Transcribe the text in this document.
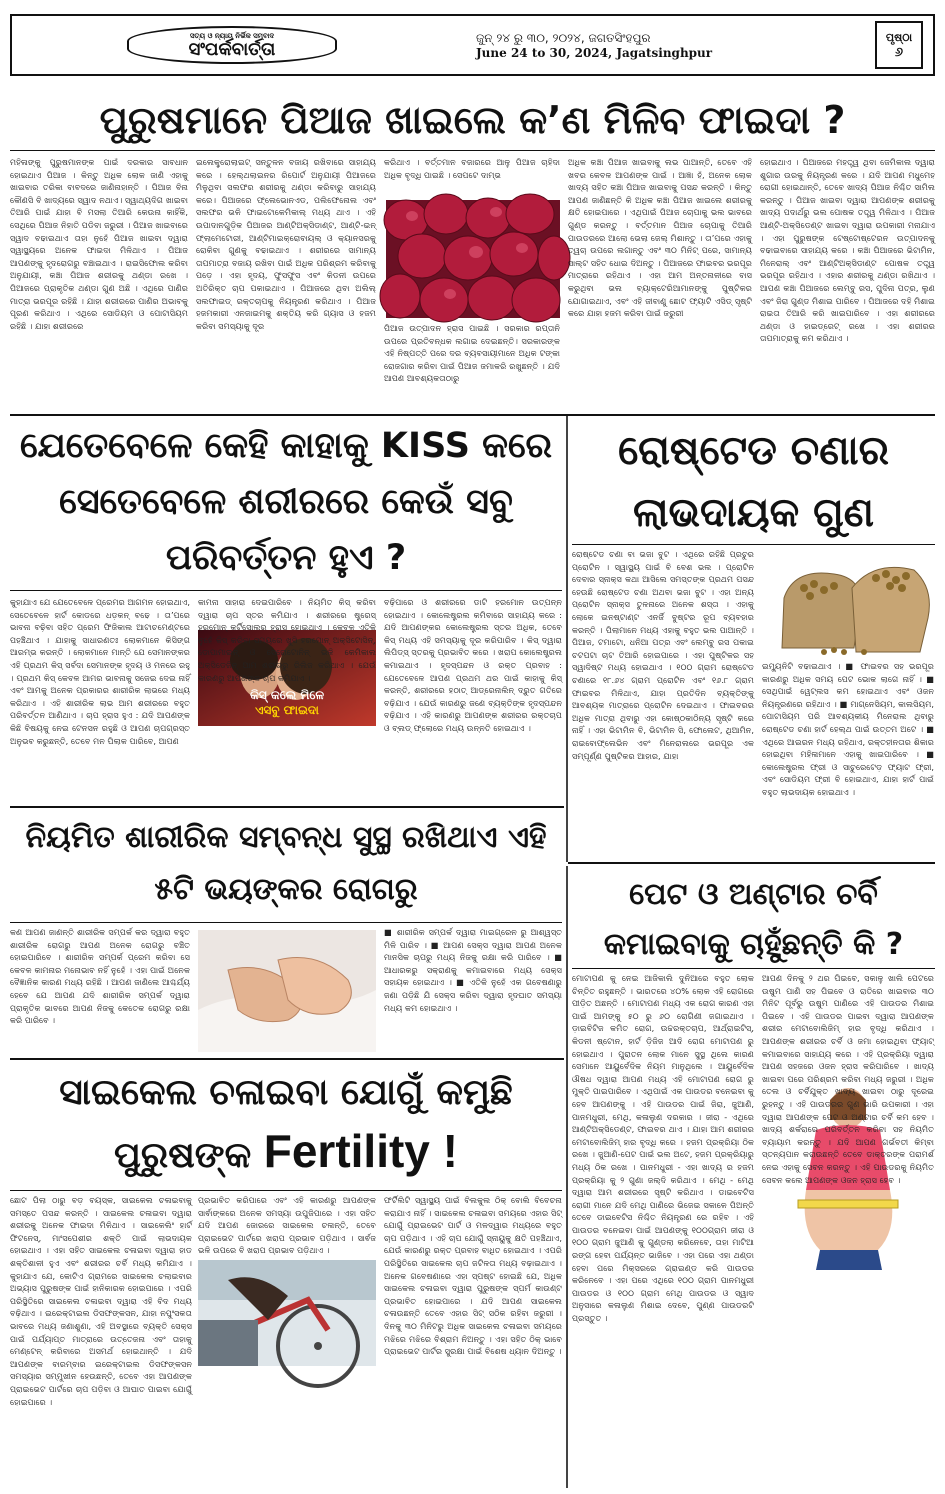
ସତ୍ୟ ଓ ନ୍ୟାୟ ନିର୍ଭିକ ସମ୍ବାଦ
ସଂପର୍କବାର୍ତ୍ତା
ଜୁନ୍ ୨୪ ରୁ ୩୦, ୨୦୨୪, ଜଗତସିଂହପୁର
June 24 to 30, 2024, Jagatsinghpur
ପୃଷ୍ଠା
୬
ପୁରୁଷମାନେ ପିଆଜ ଖାଇଲେ କ’ଣ ମିଳିବ ଫାଇଦା ?
ମହିଳାଙ୍କୁ ପୁରୁଷମାନଙ୍କ ପାଇଁ ଦରକାର ସାବଧାନ ହୋଇଥାଏ ପିଆଜ । କିନ୍ତୁ ଅଧିକ ଲୋକ ଜାଣି ଏହାକୁ ଖାଇବାର ତରିକା ବାବଦରେ ଜାଣିନାହାନ୍ତି । ପିଆଜ ବିନା କୌଣସି ବି ଖାଦ୍ୟରେ ସ୍ୱାଦ ନଥାଏ। ସ୍ୱାଥ୍ୟଦିଗ ଖାଇବା ତିଆରି ପାଇଁ ଯାହା ବି ମସଲା ତିଆରି କେଉନା କାହିଁକି, ସେଥିରେ ପିଆଜ ନିହାତି ପଡିବା ଜରୁରୀ । ପିଆଜ ଖାଇବାରେ ସ୍ୱାଦ ବଢାଇଥାଏ ତାହା ନୁହେଁ ପିଆଜ ଖାଇବା ଦ୍ୱାରା ସ୍ୱାସ୍ଥ୍ୟରେ ଅନେକ ଫାଇଦା ମିଳିଥାଏ । ପିଆଜ ଆପଣଙ୍କୁ ହୃଦରୋଗରୁ ବଞ୍ଚାଇଥାଏ । ରାଇସିଫୋଲ କରିବା ଅନୁଯାୟୀ, କଞ୍ଚା ପିଆଜ ଶରୀରକୁ ଥଣ୍ଡା ରଖେ । ପିଆଜରେ ପ୍ରାକୃତିକ ଥଣ୍ଡା ଗୁଣ ଅଛି । ଏଥିରେ ପାଣିର ମାତ୍ରା ଭରପୂର ରହିଛି । ଯାହା ଶରୀରରେ ପାଣିର ଅଭାବକୁ ପୂରଣ କରିଥାଏ । ଏଥିରେ ସୋଡିୟମ ଓ ପୋଟାସିୟମ ରହିଛି । ଯାହା ଶରୀରରେ
ଇଲେକ୍ଟ୍ରୋଲାଇଟ୍ ସନ୍ତୁଳନ ବଜାୟ ରଖିବାରେ ସାହାଯ୍ୟ କରେ । ହେଲ୍ଥଲାଇନର ରିପୋର୍ଟ ଅନୁଯାୟୀ ପିଆଜରେ ମିଳୁଥିବା ସଲଫର ଶରୀରକୁ ଥଣ୍ଡା କରିବାରୁ ସାହାଯ୍ୟ କରେ। ପିଆଜରେ ଫ୍ଲେଭୋନଏଡ, ପଲିଫେନୋଲ ଏବଂ ସଲଫର ଭଳି ଫାଇଟୋକେମିକାଲ୍ ମଧ୍ୟ ଥାଏ । ଏହି ଉପାଦାନଗୁଡ଼ିକ ପିଆଜର ଆଣ୍ଟିଅକ୍ସିଡାଣ୍ଟ, ଆଣ୍ଟି-ଇନ୍ ଫ୍ଲାମେଟୋରୀ, ଆଣ୍ଟିମାଇକ୍ରୋବାୟଲ୍ ଓ କ୍ୟାନସରକୁ ରୋକିବା ଗୁଣକୁ ବଢାଇଥାଏ । ଶରୀରରେ ସାମାନ୍ୟ ତାପମାତ୍ରା ବଜାୟ ରଖିବା ପାଇଁ ଅଧିକ ପରିଶ୍ରମ କରିବାକୁ ପଡ଼େ । ଏହା ହୃଦୟ, ଫୁସଫୁସ ଏବଂ କିଡନୀ ଉପରେ ଅତିରିକ୍ତ ଚାପ ପକାଇଥାଏ । ପିଆଜରେ ଥିବା ଅଲିଲ୍ ସଲଫାଇଡ୍ ରକ୍ତଚାପକୁ ନିୟନ୍ତ୍ରଣ କରିଥାଏ । ପିଆଜ ହଜମକାରୀ ଏନଜାଇମକୁ ଶକ୍ତିୟ କରି ଗ୍ୟାସ ଓ ହଜମ କରିବା ସମସ୍ୟାକୁ ଦୂର
କରିଥାଏ । ବର୍ତ୍ତମାନ ବଜାରରେ ଆଳୁ ପିଆଜ ଚାହିଦା ଅଧିକ ବୃଦ୍ଧି ପାଇଛି । ସେପଟେ ଦାମ୍ଭ
ପିଆଜ ଉତ୍ପାଦନ ହ୍ରାସ ପାଇଛି । ସରକାର ରପ୍ତାନି ଉପରେ ପ୍ରତିବନ୍ଧକ ଲଗାଇ ଦେଇଛନ୍ତି। ସରକାରଙ୍କ ଏହି ନିଷ୍ପତ୍ତି ପରେ ଦର ବ୍ୟବସାୟୀମାନେ ଅଧିକ ଟଙ୍କା ରୋଜଗାର କରିବା ପାଇଁ ପିଆଜ ଜମାକରି ରଖୁଛନ୍ତି । ଯଦି ଆପଣ ଆବଶ୍ୟକତାଠାରୁ
ଅଧିକ କଞ୍ଚା ପିଆଜ ଖାଇବାକୁ ଲଭ ପାଆନ୍ତି, ତେବେ ଏହି ଖବର କେବଳ ଆପଣଙ୍କ ପାଇଁ । ଆଜ୍ଞା ହଁ, ଅନେକ ଲୋକ ଖାଦ୍ୟ ସହିତ କଞ୍ଚା ପିଆଜ ଖାଇବାକୁ ପସନ୍ଦ କରନ୍ତି । କିନ୍ତୁ ଆପଣ ଜାଣିଛନ୍ତି କି ଅଧିକ କଞ୍ଚା ପିଆଜ ଖାଇଲେ ଶରୀରକୁ କ୍ଷତି ହୋଇପାରେ । ଏଥିପାଇଁ ପିଆଜ ଚୋପାକୁ ଭଲ ଭାବରେ ଗୁଣ୍ଡ କରନ୍ତୁ । ବର୍ତ୍ତମାନ ପିଆଜ ଚୋପାକୁ ତିଆରି ପାଉଡରରେ ଆଲୋ ଭେଲା ଜେଲ୍ ମିଶାନ୍ତୁ । ତା’ପରେ ଏହାକୁ ତ୍ୱଚା ଉପରେ ଲଗାନ୍ତୁ ଏବଂ ୩୦ ମିନିଟ୍ ପରେ, ସାମାନ୍ୟ ସାଲ୍ଟ ସହିତ ଧୋଇ ଦିଅନ୍ତୁ । ପିଆଜରେ ଫାଇବର ଭରପୂର ମାତ୍ରାରେ ରହିଥାଏ । ଏହା ଆମ ଅନ୍ତନାଳୀରେ ବାସ କରୁଥିବା ଭଲ ବ୍ୟାକ୍ଟେରିଆମାନଙ୍କୁ ପୁଷ୍ଟିକର ଯୋଗାଇଥାଏ, ଏବଂ ଏହି ଜୀବାଣୁ ଛୋଟ ଫ୍ୟାଟି ଏସିଡ୍ ସୃଷ୍ଟି କରେ ଯାହା ହଜମ କରିବା ପାଇଁ ଜରୁରୀ
ହୋଇଥାଏ । ପିଆଜରେ ମହତ୍ତ୍ୱ ଥିବା ଜେମିକାଲ ଦ୍ୱାରା ଶୁଗାର ଉରକୁ ନିୟନ୍ତ୍ରଣ କରେ । ଯଦି ଆପଣ ମଧୁମେହ ରୋଗୀ ହୋଇଥାନ୍ତି, ତେବେ ଖାଦ୍ୟ ପିଆଜ ନିଶ୍ଚିତ ସାମିଲ କରନ୍ତୁ । ପିଆଜ ଖାଇବା ଦ୍ୱାରା ଆପଣଙ୍କ ଶରୀରକୁ ଖାଦ୍ୟ ପଦାର୍ଥରୁ ଭଲ ପୋଷକ ତତ୍ତ୍ୱ ମିଳିଥାଏ । ପିଆଜ ଆଣ୍ଟି-ଅକ୍ସିଡେଣ୍ଟ ଖାଇବା ଦ୍ୱାରା ଉପକାରୀ ମନାଯାଏ । ଏହା ପୁରୁଷଙ୍କ ଟେଷ୍ଟୋଷ୍ଟେରନ ଉତ୍ପାଦନକୁ ବଢାଇବାରେ ସାହାଯ୍ୟ କରେ । କଞ୍ଚା ପିଆଜରେ ଭିଟାମିନ, ମିନେରାଲ୍ ଏବଂ ଆଣ୍ଟିଅକ୍ସିଡାଣ୍ଟ ପୋଷକ ତତ୍ତ୍ୱ ଭରପୂର ରହିଥାଏ । ଏହାର ଶରୀରକୁ ଥଣ୍ଡା ରଖିଥାଏ । ଆପଣ କଞ୍ଚା ପିଆଜରେ ଲେମ୍ବୁ ରସ, ପୁଦିନା ପତ୍ର, ଲୁଣ ଏବଂ ଜିରା ଗୁଣ୍ଡ ମିଶାଇ ପାରିବେ । ପିଆଜରେ ଦହି ମିଶାଇ ରାଇତା ତିଆରି କରି ଖାଇପାରିବେ । ଏହା ଶରୀରରେ ଥଣ୍ଡା ଓ ହାଇଡ୍ରେଟ୍ ରଖେ । ଏହା ଶରୀରର ତାପମାତ୍ରାକୁ କମ କରିଥାଏ ।
ଯେତେବେଳେ କେହି କାହାକୁ KISS କରେ ସେତେବେଳେ ଶରୀରରେ କେଉଁ ସବୁ ପରିବର୍ତ୍ତନ ହୁଏ ?
କୁହାଯାଏ ଯେ ଯେତେବେଳେ ପ୍ରେମର ଆଗମନ ହୋଇଥାଏ, ସେତେବେଳେ ହାର୍ଟ କୋଡରେ ଧଡ଼କନ୍ ବଢେ । ତା’ପରେ ଭାବନା ବଢ଼ିବା ସହିତ ପ୍ରେମ ଫିଜିକାଲ ଆଟାଚମେଣ୍ଟରେ ପହଞ୍ଚିଥାଏ । ଯାହାକୁ ସାଧାରଣତଃ ଲୋକମାନେ କିସିଙ୍ଗ ଆରମ୍ଭ କରନ୍ତି । ଲୋକମାନେ ମାନ୍ତି ଯେ ସେମାନଙ୍କର ଏହି ପ୍ରଥମ କିସ୍ ସର୍ବଦା ସେମାନଙ୍କ ହୃଦୟ ଓ ମନରେ ରହୁ । ପ୍ରଥମ କିସ୍ କେବଳ ଆମର ଭାବନାକୁ ସଜେଇ ଦେଇ ନାହିଁ ଏବଂ ଆମକୁ ଅନେକ ପ୍ରକାରର ଶାରୀରିକ ଲାଭରେ ମଧ୍ୟ କରିଥାଏ । ଏହି ଶାରୀରିକ ଲାଭ ଆମ ଶରୀରରେ ବହୁତ ପରିବର୍ତ୍ତନ ଆଣିଥାଏ । ଚାପ ହ୍ରାସ ହୁଏ : ଯଦି ଆପଣଙ୍କ କିଛି ବିଷୟକୁ ନେଇ ଟେନସନ ରହୁଛି ଓ ଆପଣ ଚାପଗ୍ରସ୍ତ ଅନୁଭବ କରୁଛନ୍ତି, ତେବେ ମନ ପିଲାକ ପାରିବେ, ଆପଣ
କିସ୍ କଲେ ମିଳେ
ଏସବୁ ଫାଇଦା
କାମନା ସାହାରା ଦେଇପାରିବେ । ନିୟମିତ କିସ୍ କରିବା ଦ୍ୱାରା ଚାପ ସ୍ତର କମିଯାଏ । ଶରୀରରେ ଷ୍ଟ୍ରେସ୍ ହରମୋନ୍ କର୍ଟିସୋଲର ହ୍ରାସ ହୋଇଥାଏ । କେବଳ ଏତିକି ନୁହେଁ କିସ୍ କରିବା ସମୟରେ ଖୁସି ହରମୋନ୍ ଅକ୍ସିଟୋସିନ୍, ଡୋପାମାଇନ୍ ଓ ସେରୋଟୋନିନ୍ ଭଳି କେମିକାଲ ଅକ୍ସିଡେଜିନ୍ ଆମ ଶରୀରରୁ ରିଲିଜ କରିଥାଏ । ଯେଉଁ କାରଣରୁ ଆପଣଙ୍କ ଚାପ କମିଯାଏ ।
ବଢ଼ିପାରେ ଓ ଶରୀରରେ ଡାଟି ହରମୋନ ଉତ୍ପନ୍ନ ହୋଇଥାଏ । କୋଲେଷ୍ଟ୍ରଲ କମିବାରେ ସାହାଯ୍ୟ କରେ : ଯଦି ଆପଣଙ୍କର କୋଲେଷ୍ଟ୍ରଲ ସ୍ତର ଅଧିକ, ତେବେ କିସ୍ ମଧ୍ୟ ଏହି ସମସ୍ୟାକୁ ଦୂର କରିପାରିବ । କିସ୍ ଦ୍ୱାରା ଲିପିଡ୍ସ୍ ସ୍ତରକୁ ପ୍ରଭାବିତ କରେ । ଖରାପ କୋଲେଷ୍ଟ୍ରଲ କମାଇଥାଏ । ହୃଦସ୍ପନ୍ଦନ ଓ ରକ୍ତ ପ୍ରବାହ : ଯେତେବେଳେ ଆପଣ ପ୍ରଥମ ଥର ପାଇଁ କାହାକୁ କିସ୍ କରନ୍ତି, ଶରୀରରେ ହଠାତ୍ ଆଡ୍ରେନାଲିନ୍ ଦ୍ରୁତ ଗତିରେ ବଢ଼ିଯାଏ । ଯେଉଁ କାରଣରୁ ଜଣେ ବ୍ୟକ୍ତିଙ୍କ ହୃଦସ୍ପନ୍ଦନ ବଢ଼ିଯାଏ । ଏହି କାରଣରୁ ଆପଣଙ୍କ ଶରୀରର ରକ୍ତଚାପ ଓ ବ୍ଲଡ୍ ଫ୍ଲୋରେ ମଧ୍ୟ ଉନ୍ନତି ହୋଇଥାଏ ।
ରୋଷ୍ଟେଡ ଚଣାର ଲାଭଦାୟକ ଗୁଣ
ରୋଷ୍ଟେଡ ଚଣା ବା ଭଜା ବୁଟ । ଏଥିରେ ରହିଛି ପ୍ରଚୁର ପ୍ରୋଟିନ । ସ୍ୱାସ୍ଥ୍ୟ ପାଇଁ ବି ବେଶ ଭଲ । ପ୍ରୋଟିନ ଦେବାର ସ୍ନାକ୍ସ କଥା ଆସିଲେ ସମସ୍ତଙ୍କ ପ୍ରଥମ ପସନ୍ଦ ହେଉଛି ରୋଷ୍ଟେଡ ଚଣା ଅଥବା ଭଜା ବୁଟ । ଏହା ଅନ୍ୟ ପ୍ରୋଟିନ ସ୍ନାକ୍ସ ତୁଳନାରେ ଅନେକ ଶସ୍ତା । ଏହାକୁ ଲୋକେ ଇନଷ୍ଟାଣ୍ଟ ଏନର୍ଜି ବୁଷ୍ଟର ରୂପ ବ୍ୟବହାର କରନ୍ତି । ପିଲାମାନେ ମଧ୍ୟ ଏହାକୁ ବହୁତ ଭଲ ପାଆନ୍ତି । ପିଆଜ, ଟମାଟୋ, ଧନିଆ ପତ୍ର ଏବଂ ଲେମ୍ବୁ ରସ ପକାଇ ଚଟପଟା ଚାଟ ତିଆରି ହୋଇପାରେ । ଏହା ପୁଷ୍ଟିକର ସହ ସ୍ୱାଦିଷ୍ଟ ମଧ୍ୟ ହୋଇଥାଏ । ୧୦୦ ଗ୍ରାମ ରୋଷ୍ଟେଡ ଚଣାରେ ୧୮.୬୪ ଗ୍ରାମ ପ୍ରୋଟିନ ଏବଂ ୧୬.୮ ଗ୍ରାମ ଫାଇବର ମିଳିଥାଏ, ଯାହା ପ୍ରତିଦିନ ବ୍ୟକ୍ତିଙ୍କୁ ଆବଶ୍ୟକ ମାତ୍ରାରେ ପ୍ରୋଟିନ ଦେଇଥାଏ । ଫାଇବରର ଅଧିକ ମାତ୍ରା ଥିବାରୁ ଏହା କୋଷ୍ଠକାଠିନ୍ୟ ସୃଷ୍ଟି କରେ ନାହିଁ । ଏହା ଭିଟାମିନ ବି, ଭିଟାମିନ ସି, ଫୋଲେଟ, ଥିଆମିନ, ରାଇବୋଫ୍ଲେଭିନ ଏବଂ ମିନେରାଲରେ ଭରପୂର ଏକ ସମ୍ପୂର୍ଣ୍ଣ ପୁଷ୍ଟିକର ଆହାର, ଯାହା
ଇମ୍ୟୁନିଟି ବଢାଇଥାଏ । ■ ଫାଇବର ସହ ଭରପୂର କାରଣରୁ ଅଧିକ ସମୟ ପେଟ ଭୋକ ଲାଗେ ନାହିଁ । ■ ସେଥିପାଇଁ ୱେଟ୍ଲସ କମ ହୋଇଥାଏ ଏବଂ ଓଜନ ନିୟନ୍ତ୍ରଣରେ ରହିଥାଏ । ■ ମାଗ୍ନେସିୟମ, କାଲସିୟମ, ପୋଟାସିୟମ ପରି ଆବଶ୍ୟକୀୟ ମିନେରାଲ ଥିବାରୁ ରୋଷ୍ଟେଡ ଚଣା ହାର୍ଟ ହେଲ୍ଥ ପାଇଁ ଉତ୍ତମ ଅଟେ । ■ ଏଥିରେ ଆଇରନ ମଧ୍ୟ ରହିଥାଏ, ରକ୍ତହୀନତାର ଶିକାର ହୋଇଥିବା ମହିଳାମାନେ ଏହାକୁ ଖାଇପାରିବେ । ■ କୋଲେଷ୍ଟ୍ରଲ ଫ୍ରୀ ଓ ସାଚୁରେଟେଡ଼ ଫ୍ୟାଟ ଫ୍ରୀ, ଏବଂ ସୋଡିୟମ ଫ୍ରୀ ବି ହୋଇଥାଏ, ଯାହା ହାର୍ଟ ପାଇଁ ବହୁତ ଲାଭଦାୟକ ହୋଇଥାଏ ।
ନିୟମିତ ଶାରୀରିକ ସମ୍ବନ୍ଧ ସୁସ୍ଥ ରଖିଥାଏ ଏହି ୫ଟି ଭୟଙ୍କର ରୋଗରୁ
କଣ ଆପଣ ଜାଣନ୍ତି ଶାରୀରିକ ସମ୍ପର୍କ କର ଦ୍ୱାରା ବହୁତ ଶାରୀରିକ ରୋଗରୁ ଆପଣ ଅନେକ ରୋଗରୁ ବଞ୍ଚିତ ହୋଇପାରିବେ । ଶାରୀରିକ ସମ୍ପର୍କ ପ୍ରେମ କରିବା ସେ କେବଳ କାମନାର ମନୋଭାବ ନହିଁ ନୁହେଁ । ଏହା ପାଇଁ ଅନେକ ବୈଜ୍ଞାନିକ କାରଣ ମଧ୍ୟ ରହିଛି । ଆପଣ ଜାଣିଲେ ଆଶ୍ଚର୍ଯ୍ୟ ହେବେ ଯେ ଆପଣ ଯଦି ଶାରୀରିକ ସମ୍ପର୍କ ଦ୍ୱାରା ପ୍ରାକୃତିକ ଭାବରେ ଆପଣ ନିଜକୁ କେତେକ ରୋଗରୁ ରକ୍ଷା କରି ପାରିବେ ।
■ ଶାରୀରିକ ସମ୍ପର୍କ ଦ୍ୱାରା ମାଇଗ୍ରେନ ରୁ ଆଶ୍ୱସ୍ତ ମିଳି ପାରିବ । ■ ଆପଣ ସେକ୍ସ ଦ୍ୱାରା ଆପଣ ଅନେକ ମାନସିକ ଚାପରୁ ମଧ୍ୟ ନିଜକୁ ରକ୍ଷା କରି ପାରିବେ । ■ ଆଧାରକରୁ ସକ୍ରାଣକୁ କମାଇବାରେ ମଧ୍ୟ ସେକ୍ସ ସହାୟକ ହୋଇଥାଏ । ■ ଏତିକି ନୁହେଁ ଏକ ଗବେଷଣାରୁ ଜଣା ପଡ଼ିଛି ଯି ସେକ୍ସ କରିବା ଦ୍ୱାରା ହୃଦଘାତ ସମସ୍ୟା ମଧ୍ୟ କମ ହୋଇଥାଏ ।
ପେଟ ଓ ଅଣ୍ଟାର ଚର୍ବି କମାଇବାକୁ ଚାହୁଁଛନ୍ତି କି ?
ମୋଟାପଣ କୁ ନେଇ ଆଜିକାଲି ଦୁନିଆରେ ବହୁତ ଲୋକ ଚିନ୍ତିତ ରହୁଛନ୍ତି । ଭାରତରେ ୪୦% ଲୋକ ଏହି ରୋଗରେ ପୀଡ଼ିତ ଅଛନ୍ତି । ମୋଟାପଣ ମଧ୍ୟ ଏକ ରୋଗ କାରଣ ଏହା ପାଇଁ ଆମଙ୍କୁ ୫୦ ରୁ ୬୦ ରୋଗିଣୀ ଜଗାଇଥାଏ । ଡ଼ାଇବିଟିଜ କମିତ ରୋଗ, ଉଚ୍ଚରକ୍ତଚାପ, ଆର୍ଥ୍ରାଇଟିସ୍, କିଡନୀ ଷ୍ଟୋନ, ହାର୍ଟ ଡ଼ିଜିଜ ଆଦି ରୋଗ ମୋଟାପଣ ରୁ ହୋଇଥାଏ । ପୁରାତନ ଲୋକ ମାନେ ସୁସ୍ଥ ଥିଲେ କାରଣ ସେମାନେ ଆୟୁର୍ବେଦିକ ନିୟମ ମାନୁଥିଲେ । ଆୟୁର୍ବେଦିକ ଔଷଧ ଦ୍ୱାରା ଆପଣ ମଧ୍ୟ ଏହି ମୋଟାପଣ ରୋଗ ରୁ ମୁକ୍ତି ପାଇପାରିବେ । ଏଥିପାଇଁ ଏକ ପାଉଡର ବନେଇବା କୁ ହେବ ଆପଣଙ୍କୁ । ଏହି ପାଉଡର ପାଇଁ ଜିରା, ଜୁଆଣି, ପାନମଧୁରୀ, ମେଥି, କଳାଲୁଣ ଦରକାର । ଜୀରା - ଏଥିରେ ଆଣ୍ଟିଅକ୍ସିଡେଣ୍ଟ, ଫାଇବର ଥାଏ । ଯାହା ଆମ ଶରୀରର ମେଟାବୋଲିଜିମ୍ ହାର ବୃଦ୍ଧି କରେ । ହଜମ ପ୍ରକ୍ରିୟା ଠିକ ରଖେ । ଜୁଆଣି-ପେଟ ପାଇଁ ଭଲ ଅଟେ, ହଜମ ପ୍ରକ୍ରିୟାରୁ ମଧ୍ୟ ଠିକ ରଖେ । ପାନମଧୁରୀ - ଏହା ଖାଦ୍ୟ ର ହଜମ ପ୍ରକ୍ରିୟା କୁ ୨ ଗୁଣା ଜଲ୍ଦି କରିଥାଏ । ମେଥି - ମେଥି ଦ୍ୱାରା ଆମ ଶରୀରରେ ସୃଷ୍ଟି କରିଥାଏ । ଡାଇବେଟିସ ରୋଗୀ ମାନେ ଯଦି ମେଥି ପାଣିରେ ଭିଜେଇ ସକାଳେ ପିଅନ୍ତି ତେବେ ଡାଇବେଟିସ ନିଶ୍ଚିତ ନିୟନ୍ତ୍ରଣ ରେ ରହିବ । ଏହି ପାଉଡର ବନେଇବା ପାଇଁ ଆପଣଙ୍କୁ ୧୦୦ଗ୍ରାମ ଜୀରା ଓ ୧୦୦ ଗ୍ରାମ ଜୁଆଣି କୁ ଗୁଣ୍ଡଲା କରିନେବେ, ତାହା ମାଟିଆ ରଙ୍ଗ ହେବା ପର୍ଯ୍ୟନ୍ତ ଭାଜିବେ । ଏହା ପରେ ଏହା ଥଣ୍ଡା ହେବା ପରେ ମିକ୍ସରରେ ଗ୍ରାଇଣ୍ଡ କରି ପାଉଡର କରିନେବେ । ଏହା ପରେ ଏଥିରେ ୧୦୦ ଗ୍ରାମ ପାନମଧୁରୀ ପାଉଡର ଓ ୧୦୦ ଗ୍ରାମ ମେଥି ପାଉଡର ଓ ସ୍ୱାଦ ଅନୁସାରେ କଳାଲୁଣ ମିଶାଇ ଦେବେ, ପୁଣ୍ଣ ପାଉଡରଟି ପ୍ରସ୍ତୁତ ।
ଆପଣ ଦିନକୁ ୨ ଥର ପିଇବେ, ସକାଳୁ ଖାଲି ପେଟରେ ଉଷୁମ ପାଣି ସହ ପିଇବେ ଓ ରାତିରେ ଖାଇବାର ୩୦ ମିନିଟ ପୂର୍ବରୁ ଉଷୁମ ପାଣିରେ ଏହି ପାଉଡର ମିଶାଇ ପିଇବେ । ଏହି ପାଉଡର ପାଇବା ଦ୍ୱାରା ଆପଣଙ୍କ ଶରୀର ମେଟାବୋଲିଜିମ୍ ହାର ବୃଦ୍ଧି କରିଥାଏ । ଆପଣଙ୍କ ଶରୀରର ଚର୍ବି ଓ ଜମା ହୋଇଥିବା ଫ୍ୟାଟ୍ କମାଇବାରେ ସାହାଯ୍ୟ କରେ । ଏହି ପ୍ରକ୍ରିୟା ଦ୍ୱାରା ଆପଣ ସହଜରେ ଓଜନ ହ୍ରାସ କରିପାରିବେ । ଖାଦ୍ୟ ଖାଇବା ପରେ ପରିଶ୍ରମ କରିବା ମଧ୍ୟ ଜରୁରୀ । ଅଧିକ ତେଲ ଓ ଚର୍ବିଯୁକ୍ତ ଖାଦ୍ୟ ଖାଇବା ଠାରୁ ଦୂରେଇ ରୁହନ୍ତୁ । ଏହି ପାଉଡରର ଗୁଣ ଭାରି ଉପକାରୀ । ଏହା ଦ୍ୱାରା ଆପଣଙ୍କ ପେଟ ଓ ଅଣ୍ଟାର ଚର୍ବି କମ ହେବ । ଖାଦ୍ୟ ଶର୍କରାରେ ପରିବର୍ତ୍ତନ କରିବା ସହ ନିୟମିତ ବ୍ୟାୟାମ କରନ୍ତୁ । ଯଦି ଆପଣ ଗର୍ଭବତୀ କିମ୍ବା ସ୍ତନ୍ୟପାନ କରାଉଛନ୍ତି ତେବେ ଡାକ୍ତରଙ୍କ ପରାମର୍ଶ ନେଇ ଏହାକୁ ସେବନ କରନ୍ତୁ । ଏହି ପାଉଡରକୁ ନିୟମିତ ସେବନ କଲେ ଆପଣଙ୍କ ଓଜନ ହ୍ରାସ ହେବ ।
ସାଇକେଲ ଚଳାଇବା ଯୋଗୁଁ କମୁଛି ପୁରୁଷଙ୍କ Fertility !
ଛୋଟ ପିଲା ଠାରୁ ବଡ଼ ବୟସ୍କ, ସାଇକେଲ ଚଳାଇବାକୁ ସମସ୍ତେ ପସନ୍ଦ କରନ୍ତି । ସାଇକେଲ ଚଳାଇବା ଦ୍ୱାରା ଶରୀରକୁ ଅନେକ ଫାଇଦା ମିଳିଥାଏ । ସାଇକେଲିଂ ହାର୍ଟ ଫିଟନେସ୍, ମାଂସପେଶୀର ଶକ୍ତି ପାଇଁ ଲାଭଦାୟକ ହୋଇଥାଏ । ଏହା ସହିତ ସାଇକେଲ ଚଳାଇବା ଦ୍ୱାରା ହାଡ ଶକ୍ତିଶାଳୀ ହୁଏ ଏବଂ ଶରୀରର ଚର୍ବି ମଧ୍ୟ କମିଯାଏ । କୁହାଯାଏ ଯେ, କୋଟିଏ ଗ୍ରାମରେ ସାଇକେଲ ଚଲାଇବାର ଅଭ୍ୟାସ ପୁରୁଷଙ୍କ ପାଇଁ ହାନିକାରକ ହୋଇପାରେ । ଏପରି ପରିସ୍ଥିତିରେ ସାଇକେଲ ଚଳାଇବା ଦ୍ୱାରା ଏହି ବିଦ ମଧ୍ୟ ବଢ଼ିଥାଏ । ଇରେକ୍ଟାଇଲ ଡିସଫଙ୍କସନ, ଯାହା ନପୁଂସକତା ଭାବରେ ମଧ୍ୟ ଜଣାଶୁଣା, ଏହି ଅବସ୍ଥାରେ ବ୍ୟକ୍ତି ସେକ୍ସ ପାଇଁ ପର୍ଯ୍ୟାପ୍ତ ମାତ୍ରାରେ ଉତ୍ତେଜନା ଏବଂ ତାହାକୁ ମେଣ୍ଟେନ୍ କରିବାରେ ଅସମର୍ଥ ହୋଇଥାନ୍ତି । ଯଦି ଆପଣଙ୍କ ବାରମ୍ବାର ଇରେକ୍ଟାଇଲ ଡିସଫଙ୍କସନ ସମସ୍ୟାର ସମ୍ମୁଖୀନ ହେଉଛନ୍ତି, ତେବେ ଏହା ଆପଣଙ୍କ ପ୍ରାଇଭେଟ ପାର୍ଟରେ ଚାପ ପଡ଼ିବା ଓ ଆଘାତ ପାଇବା ଯୋଗୁଁ ହୋଇପାରେ ।
ପ୍ରଭାବିତ କରିପାରେ ଏବଂ ଏହି କାରଣରୁ ଆପଣଙ୍କ ସାର୍ଵାଙ୍କରେ ଅନେକ ସମସ୍ୟା ଉପୁଜିପାରେ । ଏହା ସହିତ ଯଦି ଆପଣ ଜୋରରେ ସାଇକେଲ ଚଳାନ୍ତି, ତେବେ ପ୍ରାଇଭେଟ ପାର୍ଟରେ ଖରାପ ପ୍ରଭାବ ପଡ଼ିଥାଏ । ସାର୍ଵଜ ଭଳି ଉପରେ ବି ଖରାପ ପ୍ରଭାବ ପଡ଼ିଥାଏ ।
ଫର୍ଟିଲିଟି ସ୍ୱାସ୍ଥ୍ୟ ପାଇଁ ବିଲକୁଲ ଠିକ୍ ବୋଲି ବିବେଚନା କରାଯାଏ ନାହିଁ । ସାଇକେଲ ଚଳାଇବା ସମୟରେ ଏହାର ସିଟ୍ ଯୋଗୁଁ ପ୍ରାଇଭେଟ ପାର୍ଟ ଓ ମଳଦ୍ୱାର ମଧ୍ୟରେ ବହୁତ ଚାପ ପଡ଼ିଥାଏ । ଏହି ଚାପ ଯୋଗୁଁ ସ୍ନାୟୁକୁ କ୍ଷତି ପହଞ୍ଚିଥାଏ, ଯେଉଁ କାରଣରୁ ରକ୍ତ ପ୍ରବାହ ବାଧିତ ହୋଇଥାଏ । ଏପରି ପରିସ୍ଥିତିରେ ସାଇକେଲ ଚାପ ଜଟିଳତା ମଧ୍ୟ ବଢ଼ାଇଥାଏ । ଅନେକ ଗବେଷଣାରେ ଏହା ସ୍ପଷ୍ଟ ହୋଇଛି ଯେ, ଅଧିକ ସାଇକେଲ ଚଳାଇବା ଦ୍ୱାରା ପୁରୁଷଙ୍କ ସ୍ପର୍ମ କାଉଣ୍ଟ ପ୍ରଭାବିତ ହୋଇପାରେ । ଯଦି ଆପଣ ସାଇକେଲ ଚଳାଉଛନ୍ତି ତେବେ ଏହାର ସିଟ୍ ସଠିକ ରହିବା ଜରୁରୀ । ଦିନକୁ ୩୦ ମିନିଟରୁ ଅଧିକ ସାଇକେଲ ଚଳାଇବା ସମୟରେ ମଝିରେ ମଝିରେ ବିଶ୍ରାମ ନିଅନ୍ତୁ । ଏହା ସହିତ ଠିକ୍ ଭାବେ ପ୍ରାଇଭେଟ ପାର୍ଟର ସୁରକ୍ଷା ପାଇଁ ବିଶେଷ ଧ୍ୟାନ ଦିଅନ୍ତୁ ।
